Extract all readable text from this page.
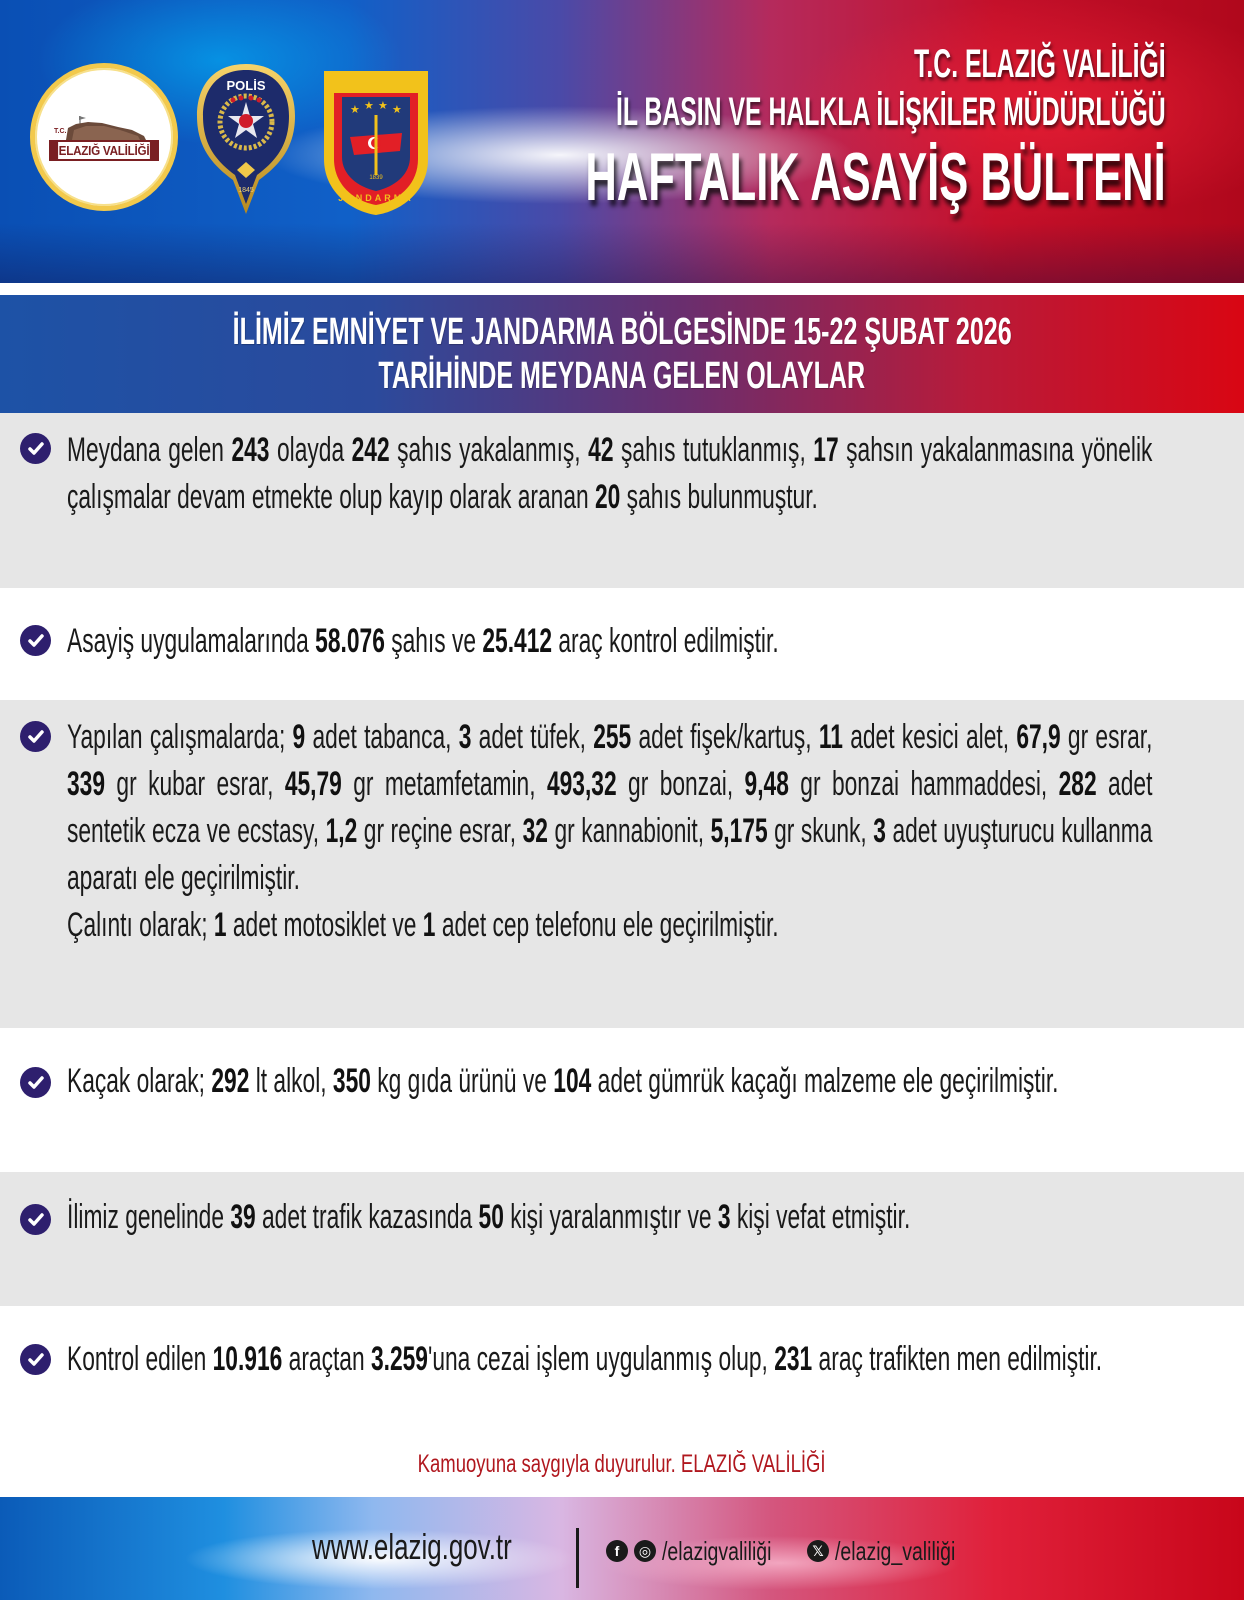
T.C.
ELAZIĞ VALİLİĞİ
POLİS
1845
★ ★ ★ ★
1839
JANDARMA
T.C. ELAZIĞ VALİLİĞİ
İL BASIN VE HALKLA İLİŞKİLER MÜDÜRLÜĞÜ
HAFTALIK ASAYİŞ BÜLTENİ
İLİMİZ EMNİYET VE JANDARMA BÖLGESİNDE 15-22 ŞUBAT 2026
TARİHİNDE MEYDANA GELEN OLAYLAR

Meydana gelen 243 olayda 242 şahıs yakalanmış, 42 şahıs tutuklanmış, 17 şahsın yakalanmasına yönelik çalışmalar devam etmekte olup kayıp olarak aranan 20 şahıs bulunmuştur.

Asayiş uygulamalarında 58.076 şahıs ve 25.412 araç kontrol edilmiştir.

Yapılan çalışmalarda; 9 adet tabanca, 3 adet tüfek, 255 adet fişek/kartuş, 11 adet kesici alet, 67,9 gr esrar, 339 gr kubar esrar, 45,79 gr metamfetamin, 493,32 gr bonzai, 9,48 gr bonzai hammaddesi, 282 adet sentetik ecza ve ecstasy, 1,2 gr reçine esrar, 32 gr kannabionit, 5,175 gr skunk, 3 adet uyuşturucu kullanma aparatı ele geçirilmiştir.
Çalıntı olarak; 1 adet motosiklet ve 1 adet cep telefonu ele geçirilmiştir.

Kaçak olarak; 292 lt alkol, 350 kg gıda ürünü ve 104 adet gümrük kaçağı malzeme ele geçirilmiştir.

İlimiz genelinde 39 adet trafik kazasında 50 kişi yaralanmıştır ve 3 kişi vefat etmiştir.

Kontrol edilen 10.916 araçtan 3.259'una cezai işlem uygulanmış olup, 231 araç trafikten men edilmiştir.

Kamuoyuna saygıyla duyurulur. ELAZIĞ VALİLİĞİ
www.elazig.gov.tr	f	◎ /elazigvaliliği	𝕏 /elazig_valiliği
